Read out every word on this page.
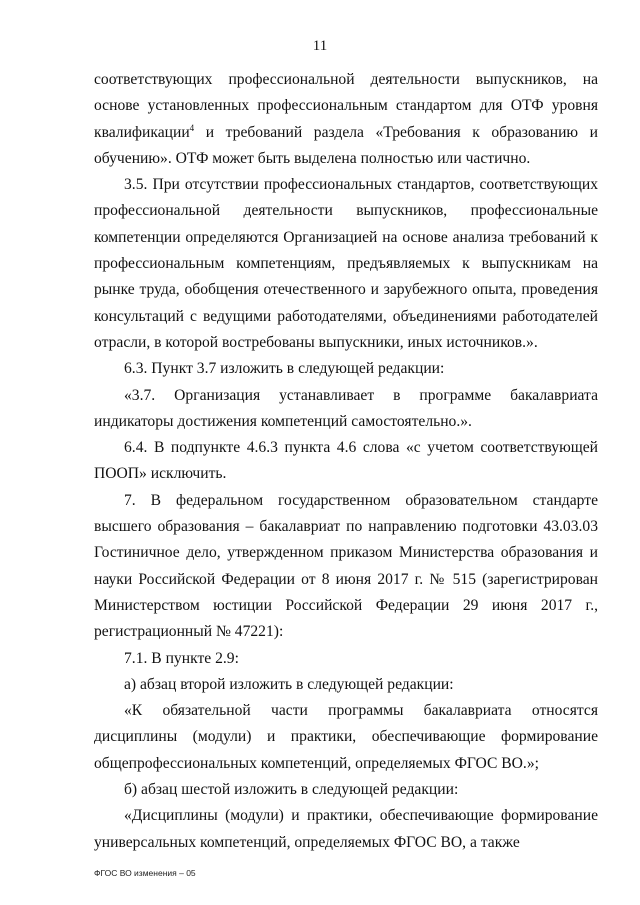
11

соответствующих профессиональной деятельности выпускников, на основе установленных профессиональным стандартом для ОТФ уровня квалификации$^4$ и требований раздела «Требования к образованию и обучению». ОТФ может быть выделена полностью или частично.

3.5. При отсутствии профессиональных стандартов, соответствующих профессиональной деятельности выпускников, профессиональные компетенции определяются Организацией на основе анализа требований к профессиональным компетенциям, предъявляемых к выпускникам на рынке труда, обобщения отечественного и зарубежного опыта, проведения консультаций с ведущими работодателями, объединениями работодателей отрасли, в которой востребованы выпускники, иных источников.».

6.3. Пункт 3.7 изложить в следующей редакции:

«3.7. Организация устанавливает в программе бакалавриата индикаторы достижения компетенций самостоятельно.».

6.4. В подпункте 4.6.3 пункта 4.6 слова «с учетом соответствующей ПООП» исключить.

7. В федеральном государственном образовательном стандарте высшего образования – бакалавриат по направлению подготовки 43.03.03 Гостиничное дело, утвержденном приказом Министерства образования и науки Российской Федерации от 8 июня 2017 г. № 515 (зарегистрирован Министерством юстиции Российской Федерации 29 июня 2017 г., регистрационный № 47221):

7.1. В пункте 2.9:

а) абзац второй изложить в следующей редакции:

«К обязательной части программы бакалавриата относятся дисциплины (модули) и практики, обеспечивающие формирование общепрофессиональных компетенций, определяемых ФГОС ВО.»;

б) абзац шестой изложить в следующей редакции:

«Дисциплины (модули) и практики, обеспечивающие формирование универсальных компетенций, определяемых ФГОС ВО, а также

ФГОС ВО изменения – 05
